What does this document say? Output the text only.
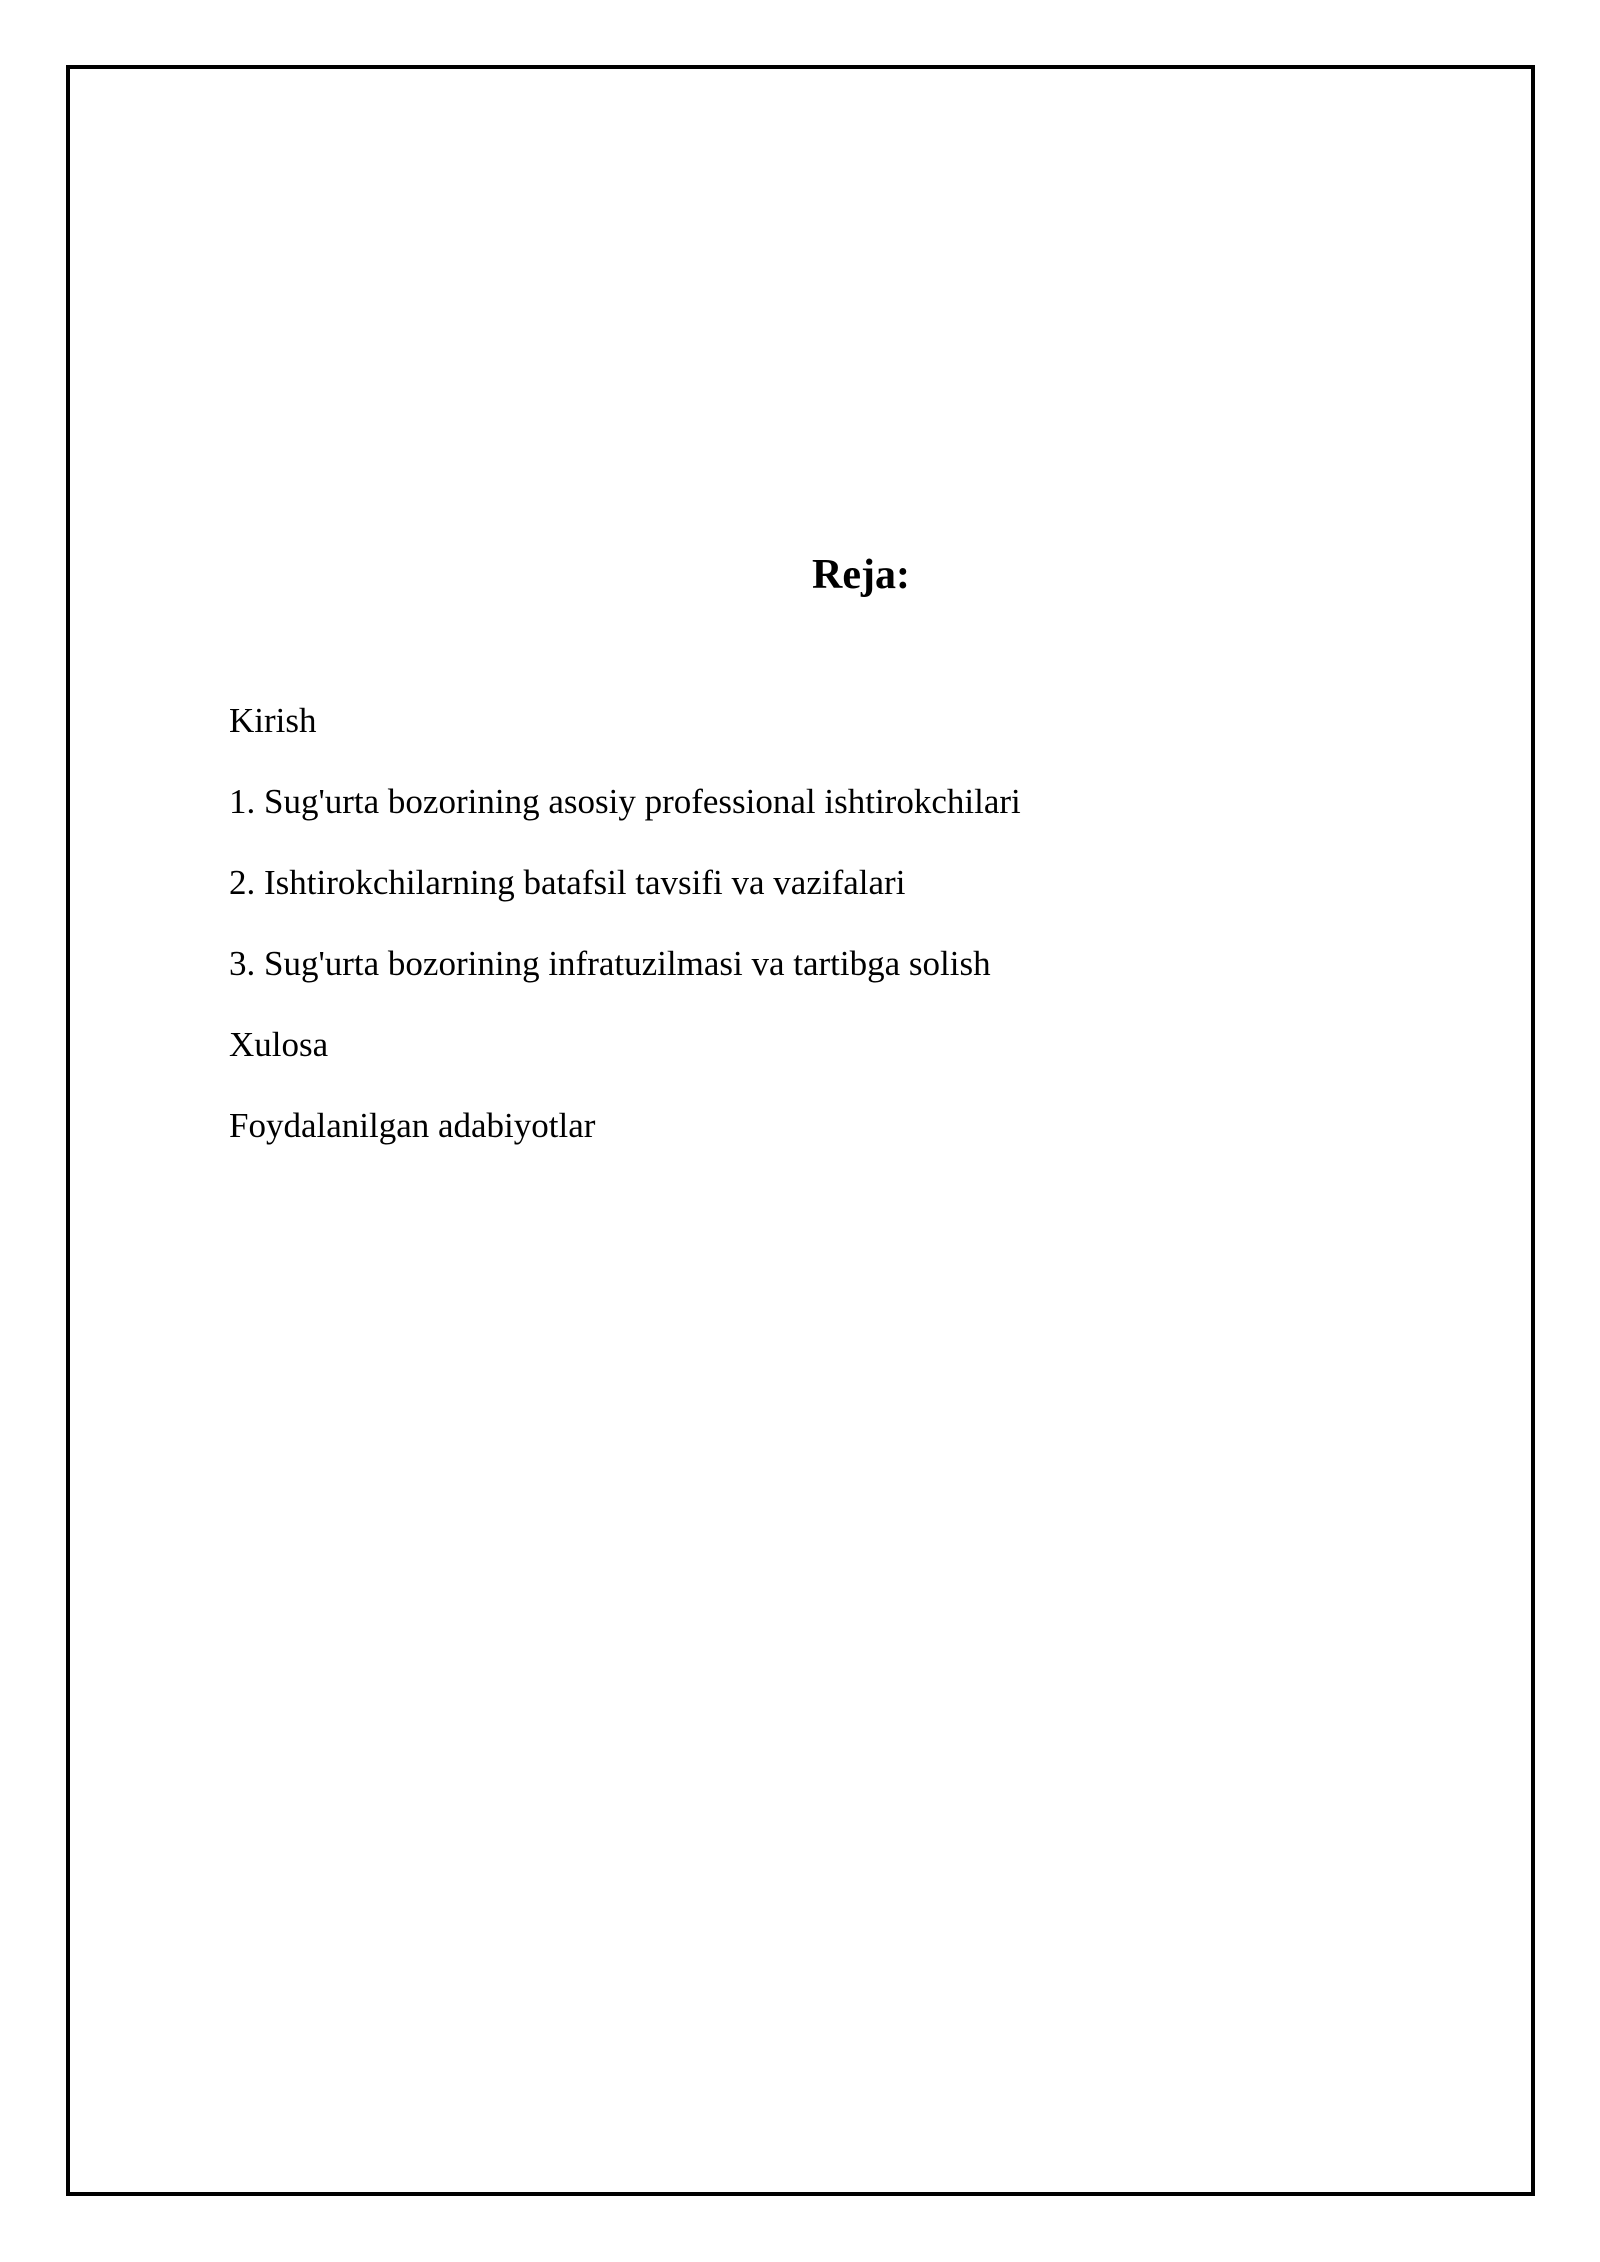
Reja:
Kirish
1. Sug'urta bozorining asosiy professional ishtirokchilari
2. Ishtirokchilarning batafsil tavsifi va vazifalari
3. Sug'urta bozorining infratuzilmasi va tartibga solish
Xulosa
Foydalanilgan adabiyotlar
